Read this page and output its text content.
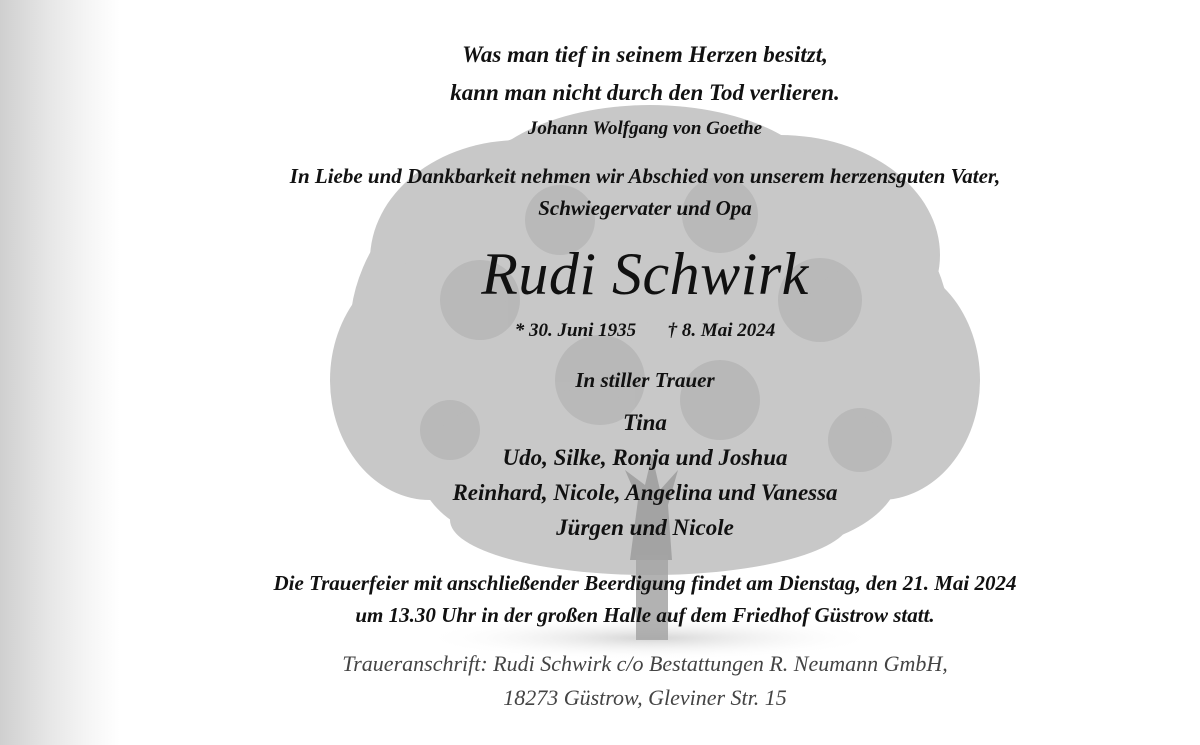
Was man tief in seinem Herzen besitzt,
kann man nicht durch den Tod verlieren.
Johann Wolfgang von Goethe
In Liebe und Dankbarkeit nehmen wir Abschied von unserem herzensguten Vater,
Schwiegervater und Opa
Rudi Schwirk
* 30. Juni 1935 † 8. Mai 2024
In stiller Trauer
Tina
Udo, Silke, Ronja und Joshua
Reinhard, Nicole, Angelina und Vanessa
Jürgen und Nicole
Die Trauerfeier mit anschließender Beerdigung findet am Dienstag, den 21. Mai 2024
um 13.30 Uhr in der großen Halle auf dem Friedhof Güstrow statt.
Traueranschrift: Rudi Schwirk c/o Bestattungen R. Neumann GmbH,
18273 Güstrow, Gleviner Str. 15
